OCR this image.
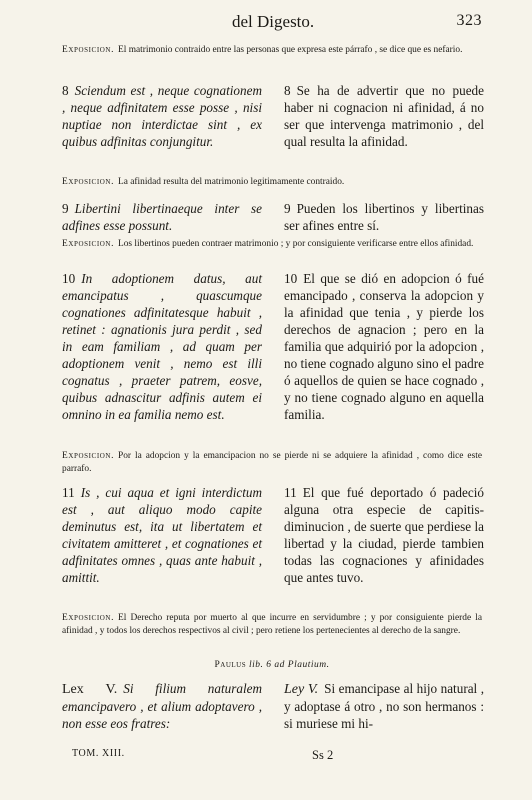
del Digesto.	323
Exposicion. El matrimonio contraido entre las personas que expresa este párrafo , se dice que es nefario.
8 Sciendum est , neque cognationem , neque adfinitatem esse posse , nisi nuptiae non interdictae sint , ex quibus adfinitas conjungitur.
8 Se ha de advertir que no puede haber ni cognacion ni afinidad, á no ser que intervenga matrimonio , del qual resulta la afinidad.
Exposicion. La afinidad resulta del matrimonio legitimamente contraido.
9 Libertini libertinaeque inter se adfines esse possunt.
9 Pueden los libertinos y libertinas ser afines entre sí.
Exposicion. Los libertinos pueden contraer matrimonio ; y por consiguiente verificarse entre ellos afinidad.
10 In adoptionem datus, aut emancipatus , quascumque cognationes adfinitatesque habuit , retinet : agnationis jura perdit , sed in eam familiam , ad quam per adoptionem venit , nemo est illi cognatus , praeter patrem, eosve, quibus adnascitur adfinis autem ei omnino in ea familia nemo est.
10 El que se dió en adopcion ó fué emancipado , conserva la adopcion y la afinidad que tenia , y pierde los derechos de agnacion ; pero en la familia que adquirió por la adopcion , no tiene cognado alguno sino el padre ó aquellos de quien se hace cognado , y no tiene cognado alguno en aquella familia.
Exposicion. Por la adopcion y la emancipacion no se pierde ni se adquiere la afinidad , como dice este parrafo.
11 Is , cui aqua et igni interdictum est , aut aliquo modo capite deminutus est, ita ut libertatem et civitatem amitteret , et cognationes et adfinitates omnes , quas ante habuit , amittit.
11 El que fué deportado ó padeció alguna otra especie de capitis-diminucion , de suerte que perdiese la libertad y la ciudad, pierde tambien todas las cognaciones y afinidades que antes tuvo.
Exposicion. El Derecho reputa por muerto al que incurre en servidumbre ; y por consiguiente pierde la afinidad , y todos los derechos respectivos al civil ; pero retiene los pertenecientes al derecho de la sangre.
Paulus lib. 6 ad Plautium.
Lex V. Si filium naturalem emancipavero , et alium adoptavero , non esse eos fratres:
Ley V. Si emancipase al hijo natural , y adoptase á otro , no son hermanos : si muriese mi hi-
TOM. XIII.	Ss 2
